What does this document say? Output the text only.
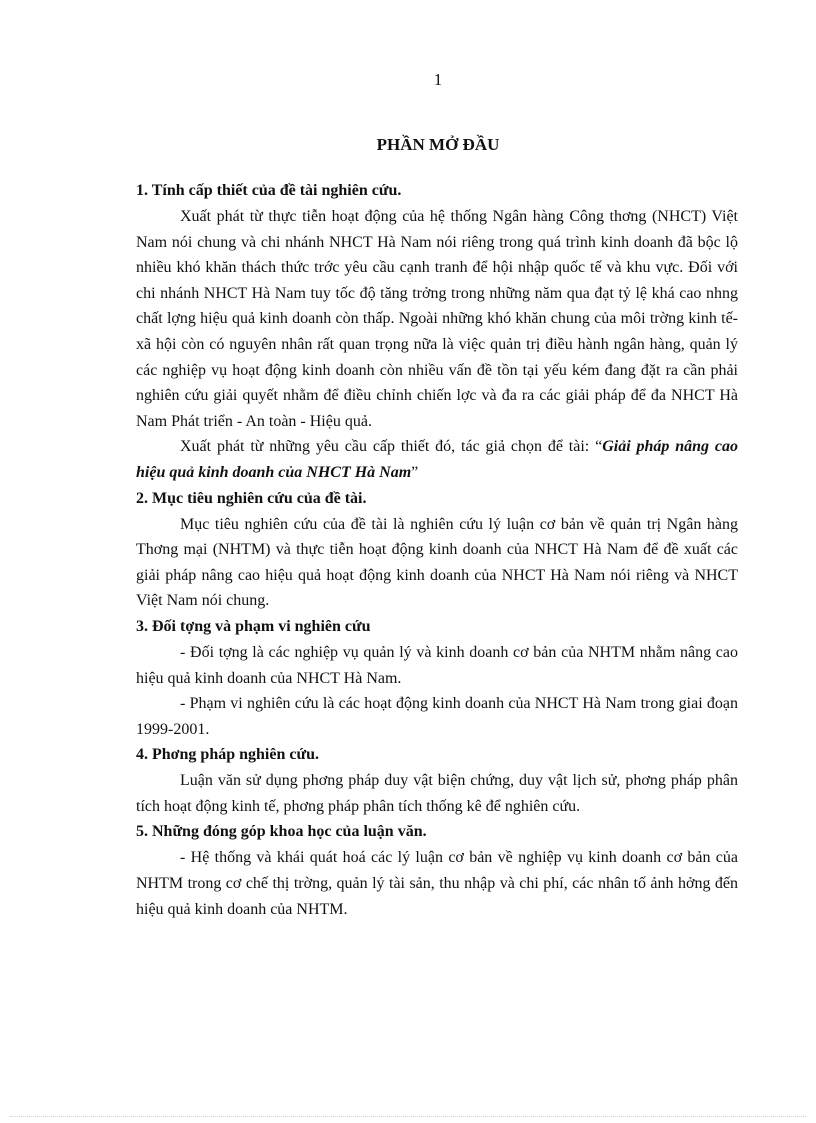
1
PHẦN MỞ ĐẦU
1. Tính cấp thiết của đề tài nghiên cứu.

Xuất phát từ thực tiễn hoạt động của hệ thống Ngân hàng Công thơng (NHCT) Việt Nam nói chung và chi nhánh NHCT Hà Nam nói riêng trong quá trình kinh doanh đã bộc lộ nhiều khó khăn thách thức trớc yêu cầu cạnh tranh để hội nhập quốc tế và khu vực. Đối với chi nhánh NHCT Hà Nam tuy tốc độ tăng trởng trong những năm qua đạt tỷ lệ khá cao nhng chất lợng hiệu quả kinh doanh còn thấp. Ngoài những khó khăn chung của môi trờng kinh tế- xã hội còn có nguyên nhân rất quan trọng nữa là việc quản trị điều hành ngân hàng, quản lý các nghiệp vụ hoạt động kinh doanh còn nhiều vấn đề tồn tại yếu kém đang đặt ra cần phải nghiên cứu giải quyết nhằm để điều chỉnh chiến lợc và đa ra các giải pháp để đa NHCT Hà Nam Phát triển - An toàn - Hiệu quả.

Xuất phát từ những yêu cầu cấp thiết đó, tác giả chọn để tài: “Giải pháp nâng cao hiệu quả kinh doanh của NHCT Hà Nam”

2. Mục tiêu nghiên cứu của đề tài.

Mục tiêu nghiên cứu của đề tài là nghiên cứu lý luận cơ bản về quản trị Ngân hàng Thơng mại (NHTM) và thực tiễn hoạt động kinh doanh của NHCT Hà Nam để đề xuất các giải pháp nâng cao hiệu quả hoạt động kinh doanh của NHCT Hà Nam nói riêng và NHCT Việt Nam nói chung.

3. Đối tợng và phạm vi nghiên cứu

- Đối tợng là các nghiệp vụ quản lý và kinh doanh cơ bản của NHTM nhằm nâng cao hiệu quả kinh doanh của NHCT Hà Nam.

- Phạm vi nghiên cứu là các hoạt động kinh doanh của NHCT Hà Nam trong giai đoạn 1999-2001.

4. Phơng pháp nghiên cứu.

Luận văn sử dụng phơng pháp duy vật biện chứng, duy vật lịch sử, phơng pháp phân tích hoạt động kinh tế, phơng pháp phân tích thống kê để nghiên cứu.

5. Những đóng góp khoa học của luận văn.

- Hệ thống và khái quát hoá các lý luận cơ bản về nghiệp vụ kinh doanh cơ bản của NHTM trong cơ chế thị trờng, quản lý tài sản, thu nhập và chi phí, các nhân tố ảnh hởng đến hiệu quả kinh doanh của NHTM.
